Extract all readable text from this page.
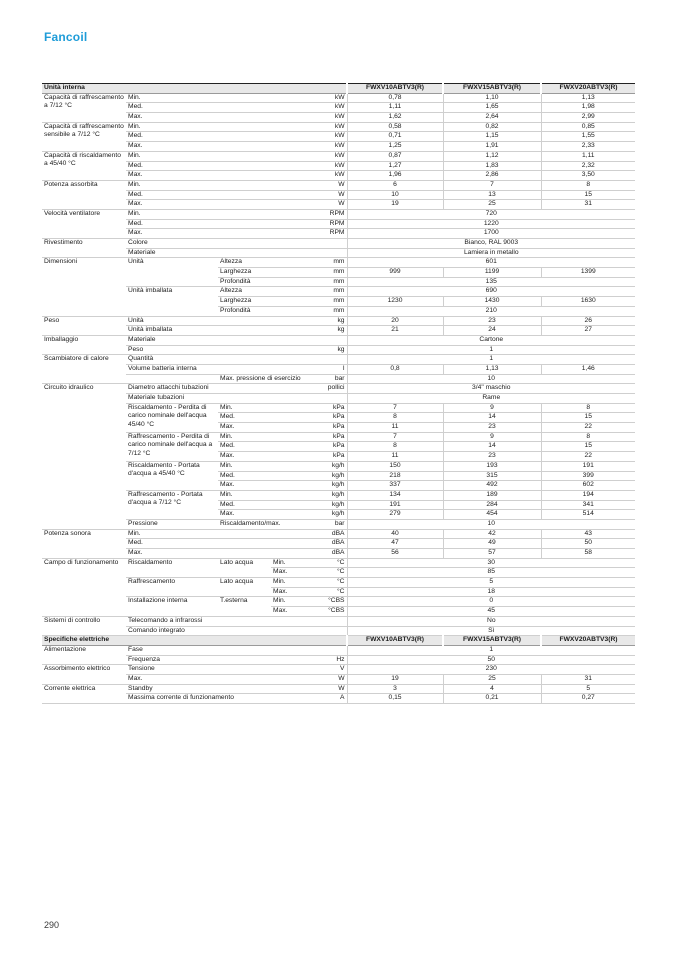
Fancoil
Unità interna					FWXV10ABTV3(R)	FWXV15ABTV3(R)	FWXV20ABTV3(R)
Capacità di raffrescamento a 7/12 °C	Min.			kW	0,78	1,10	1,13
	Med.			kW	1,11	1,65	1,98
	Max.			kW	1,62	2,64	2,99
Capacità di raffrescamento sensibile a 7/12 °C	Min.			kW	0,58	0,82	0,85
	Med.			kW	0,71	1,15	1,55
	Max.			kW	1,25	1,91	2,33
Capacità di riscaldamento a 45/40 °C	Min.			kW	0,87	1,12	1,11
	Med.			kW	1,27	1,83	2,32
	Max.			kW	1,96	2,86	3,50
Potenza assorbita	Min.			W	6	7	8
	Med.			W	10	13	15
	Max.			W	19	25	31
Velocità ventilatore	Min.			RPM	720		
	Med.			RPM	1220		
	Max.			RPM	1700		
Rivestimento	Colore				Bianco, RAL 9003		
	Materiale				Lamiera in metallo		
Dimensioni	Unità	Altezza		mm	601		
		Larghezza		mm	999	1199	1399
		Profondità		mm	135		
	Unità imballata	Altezza		mm	690		
		Larghezza		mm	1230	1430	1630
		Profondità		mm	210		
Peso	Unità			kg	20	23	26
	Unità imballata			kg	21	24	27
Imballaggio	Materiale				Cartone		
	Peso			kg	1		
Scambiatore di calore	Quantità				1		
	Volume batteria interna			l	0,8	1,13	1,46
		Max. pressione di esercizio		bar	10		
Circuito idraulico	Diametro attacchi tubazioni			pollici	3/4" maschio		
	Materiale tubazioni				Rame		
	Riscaldamento - Perdita di carico nominale dell'acqua 45/40 °C	Min.		kPa	7	9	8
		Med.		kPa	8	14	15
		Max.		kPa	11	23	22
	Raffrescamento - Perdita di carico nominale dell'acqua a 7/12 °C	Min.		kPa	7	9	8
		Med.		kPa	8	14	15
		Max.		kPa	11	23	22
	Riscaldamento - Portata d'acqua a 45/40 °C	Min.		kg/h	150	193	191
		Med.		kg/h	218	315	399
		Max.		kg/h	337	492	602
	Raffrescamento - Portata d'acqua a 7/12 °C	Min.		kg/h	134	189	194
		Med.		kg/h	191	284	341
		Max.		kg/h	279	454	514
	Pressione	Riscaldamento/max.		bar	10		
Potenza sonora	Min.			dBA	40	42	43
	Med.			dBA	47	49	50
	Max.			dBA	56	57	58
Campo di funzionamento	Riscaldamento	Lato acqua	Min.	°C	30		
			Max.	°C	85		
	Raffrescamento	Lato acqua	Min.	°C	5		
			Max.	°C	18		
	Installazione interna	T.esterna	Min.	°CBS	0		
			Max.	°CBS	45		
Sistemi di controllo	Telecomando a infrarossi				No		
	Comando integrato				Sì		
Specifiche elettriche					FWXV10ABTV3(R)	FWXV15ABTV3(R)	FWXV20ABTV3(R)
Alimentazione	Fase				1		
	Frequenza			Hz	50		
Assorbimento elettrico	Tensione			V	230		
	Max.			W	19	25	31
Corrente elettrica	Standby			W	3	4	5
	Massima corrente di funzionamento			A	0,15	0,21	0,27
290
